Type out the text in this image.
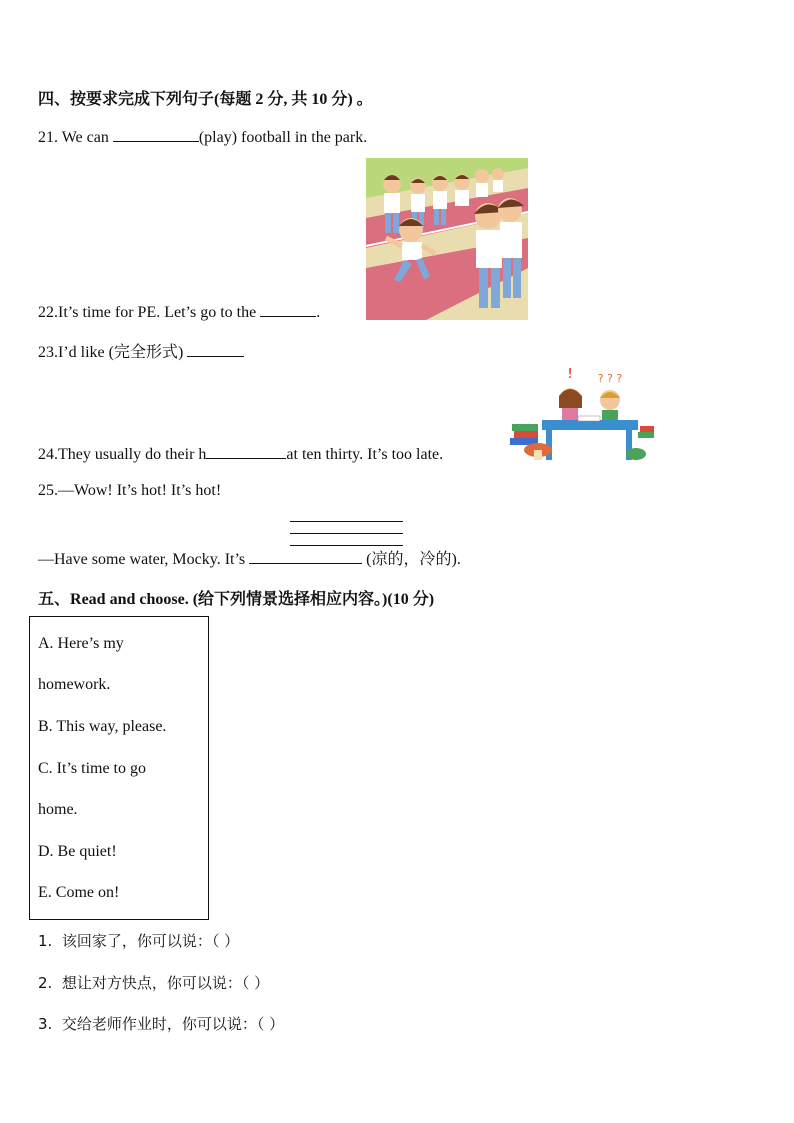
四、按要求完成下列句子(每题 2 分, 共 10 分) 。
21. We can	(play) football in the park.
22.It’s time for PE. Let’s go to the	.
23.I’d like (完全形式)
! ? ? ?
24.They usually do their h	at ten thirty. It’s too late.
25.—Wow! It’s hot! It’s hot!
—Have some water, Mocky. It’s	(凉的，冷的).
五、Read and choose. (给下列情景选择相应内容。)(10 分)
A. Here’s my
homework.
B. This way, please.
C. It’s time to go
home.
D. Be quiet!
E. Come on!
1. 该回家了，你可以说：（ ）
2. 想让对方快点，你可以说：（ ）
3. 交给老师作业时，你可以说：（ ）
